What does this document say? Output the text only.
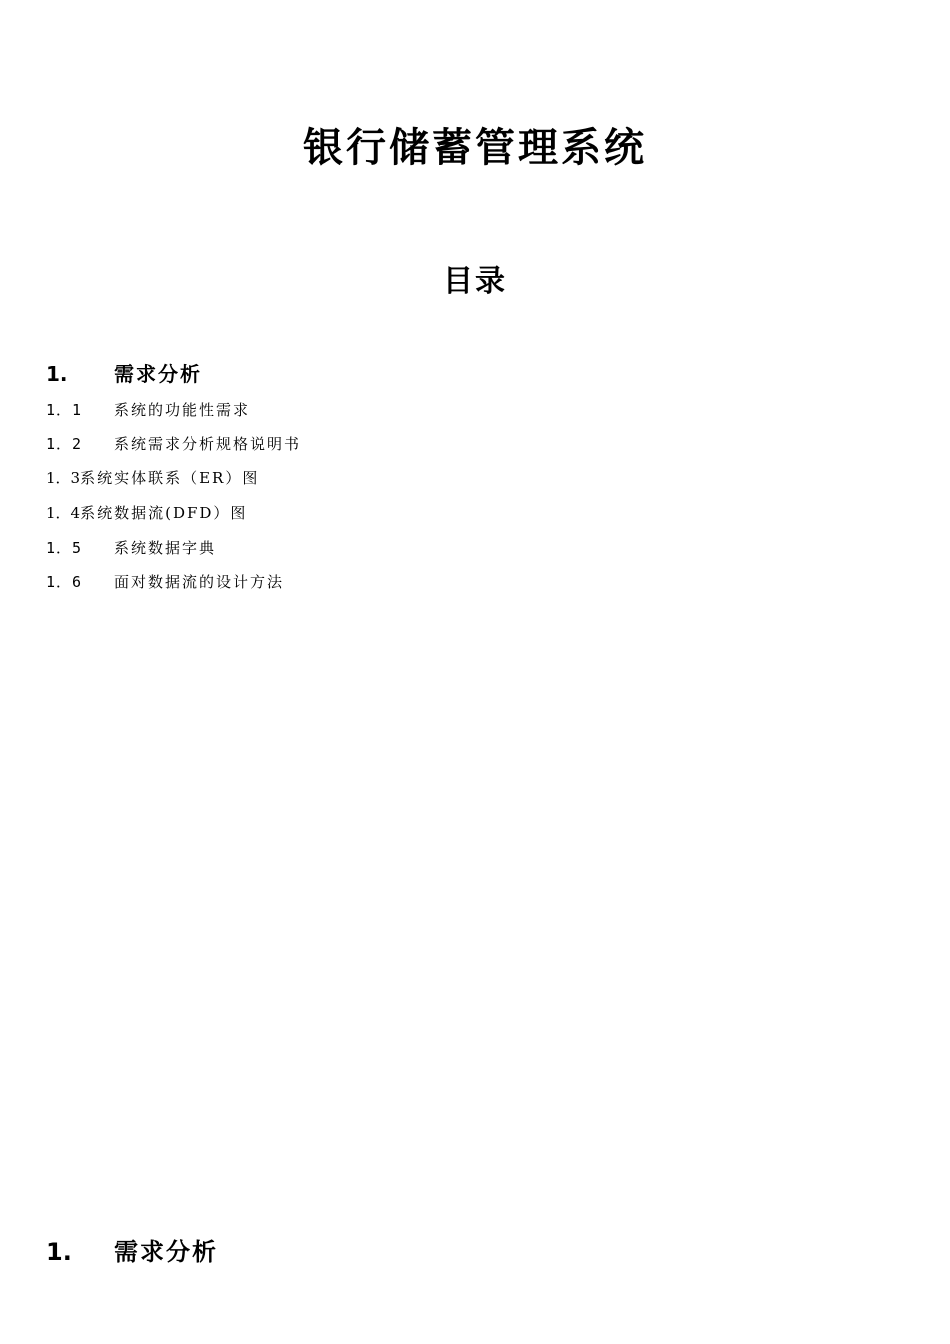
银行储蓄管理系统
目录
1. 需求分析
1．1 系统的功能性需求
1．2 系统需求分析规格说明书
1．3系统实体联系（ER）图
1．4系统数据流(DFD）图
1．5 系统数据字典
1．6 面对数据流的设计方法
1. 需求分析
